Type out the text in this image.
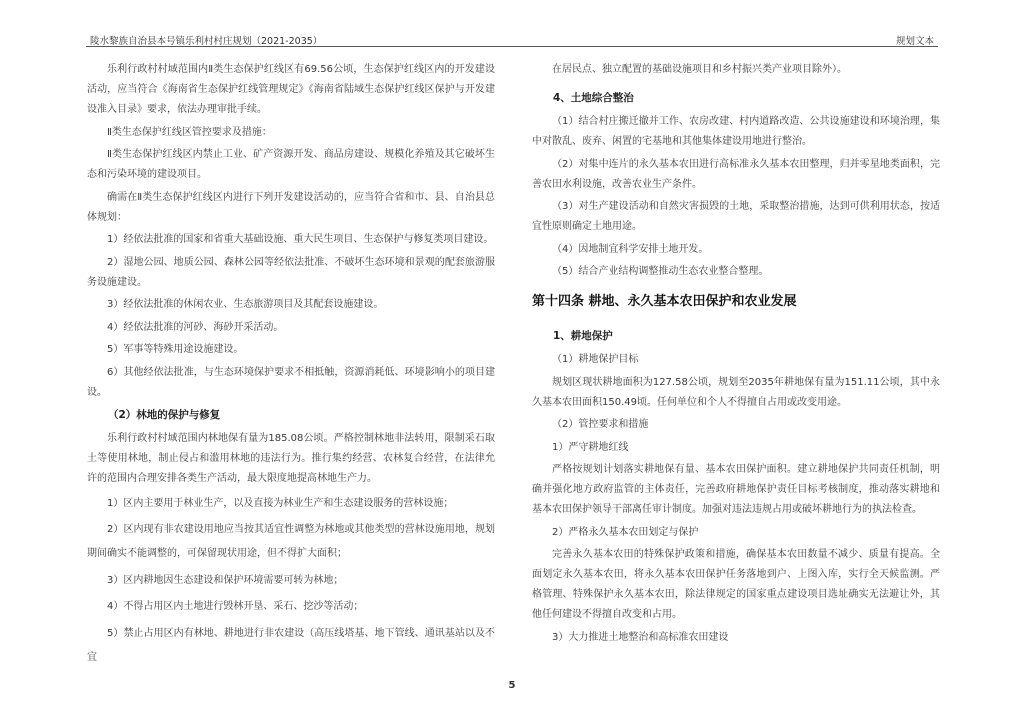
陵水黎族自治县本号镇乐利村村庄规划（2021-2035）	规划文本
乐利行政村村域范围内Ⅱ类生态保护红线区有69.56公顷，生态保护红线区内的开发建设活动，应当符合《海南省生态保护红线管理规定》《海南省陆域生态保护红线区保护与开发建设准入目录》要求，依法办理审批手续。
Ⅱ类生态保护红线区管控要求及措施：
Ⅱ类生态保护红线区内禁止工业、矿产资源开发、商品房建设、规模化养殖及其它破坏生态和污染环境的建设项目。
确需在Ⅱ类生态保护红线区内进行下列开发建设活动的，应当符合省和市、县、自治县总体规划：
1）经依法批准的国家和省重大基础设施、重大民生项目、生态保护与修复类项目建设。
2）湿地公园、地质公园、森林公园等经依法批准、不破坏生态环境和景观的配套旅游服务设施建设。
3）经依法批准的休闲农业、生态旅游项目及其配套设施建设。
4）经依法批准的河砂、海砂开采活动。
5）军事等特殊用途设施建设。
6）其他经依法批准，与生态环境保护要求不相抵触，资源消耗低、环境影响小的项目建设。
（2）林地的保护与修复
乐利行政村村域范围内林地保有量为185.08公顷。严格控制林地非法转用，限制采石取土等使用林地，制止侵占和滥用林地的违法行为。推行集约经营、农林复合经营，在法律允许的范围内合理安排各类生产活动，最大限度地提高林地生产力。
1）区内主要用于林业生产，以及直接为林业生产和生态建设服务的营林设施；
2）区内现有非农建设用地应当按其适宜性调整为林地或其他类型的营林设施用地，规划期间确实不能调整的，可保留现状用途，但不得扩大面积；
3）区内耕地因生态建设和保护环境需要可转为林地；
4）不得占用区内土地进行毁林开垦、采石、挖沙等活动；
5）禁止占用区内有林地、耕地进行非农建设（高压线塔基、地下管线、通讯基站以及不宜
在居民点、独立配置的基础设施项目和乡村振兴类产业项目除外）。
4、土地综合整治
（1）结合村庄搬迁撤并工作、农房改建、村内道路改造、公共设施建设和环境治理，集中对散乱、废弃、闲置的宅基地和其他集体建设用地进行整治。
（2）对集中连片的永久基本农田进行高标准永久基本农田整理，归并零星地类面积，完善农田水利设施，改善农业生产条件。
（3）对生产建设活动和自然灾害损毁的土地，采取整治措施，达到可供利用状态，按适宜性原则确定土地用途。
（4）因地制宜科学安排土地开发。
（5）结合产业结构调整推动生态农业整合整理。
第十四条 耕地、永久基本农田保护和农业发展
1、耕地保护
（1）耕地保护目标
规划区现状耕地面积为127.58公顷，规划至2035年耕地保有量为151.11公顷，其中永久基本农田面积150.49顷。任何单位和个人不得擅自占用或改变用途。
（2）管控要求和措施
1）严守耕地红线
严格按规划计划落实耕地保有量、基本农田保护面积。建立耕地保护共同责任机制，明确并强化地方政府监管的主体责任，完善政府耕地保护责任目标考核制度，推动落实耕地和基本农田保护领导干部离任审计制度。加强对违法违规占用或破坏耕地行为的执法检查。
2）严格永久基本农田划定与保护
完善永久基本农田的特殊保护政策和措施，确保基本农田数量不减少、质量有提高。全面划定永久基本农田，将永久基本农田保护任务落地到户、上图入库，实行全天候监测。严格管理、特殊保护永久基本农田，除法律规定的国家重点建设项目选址确实无法避让外，其他任何建设不得擅自改变和占用。
3）大力推进土地整治和高标准农田建设
5
